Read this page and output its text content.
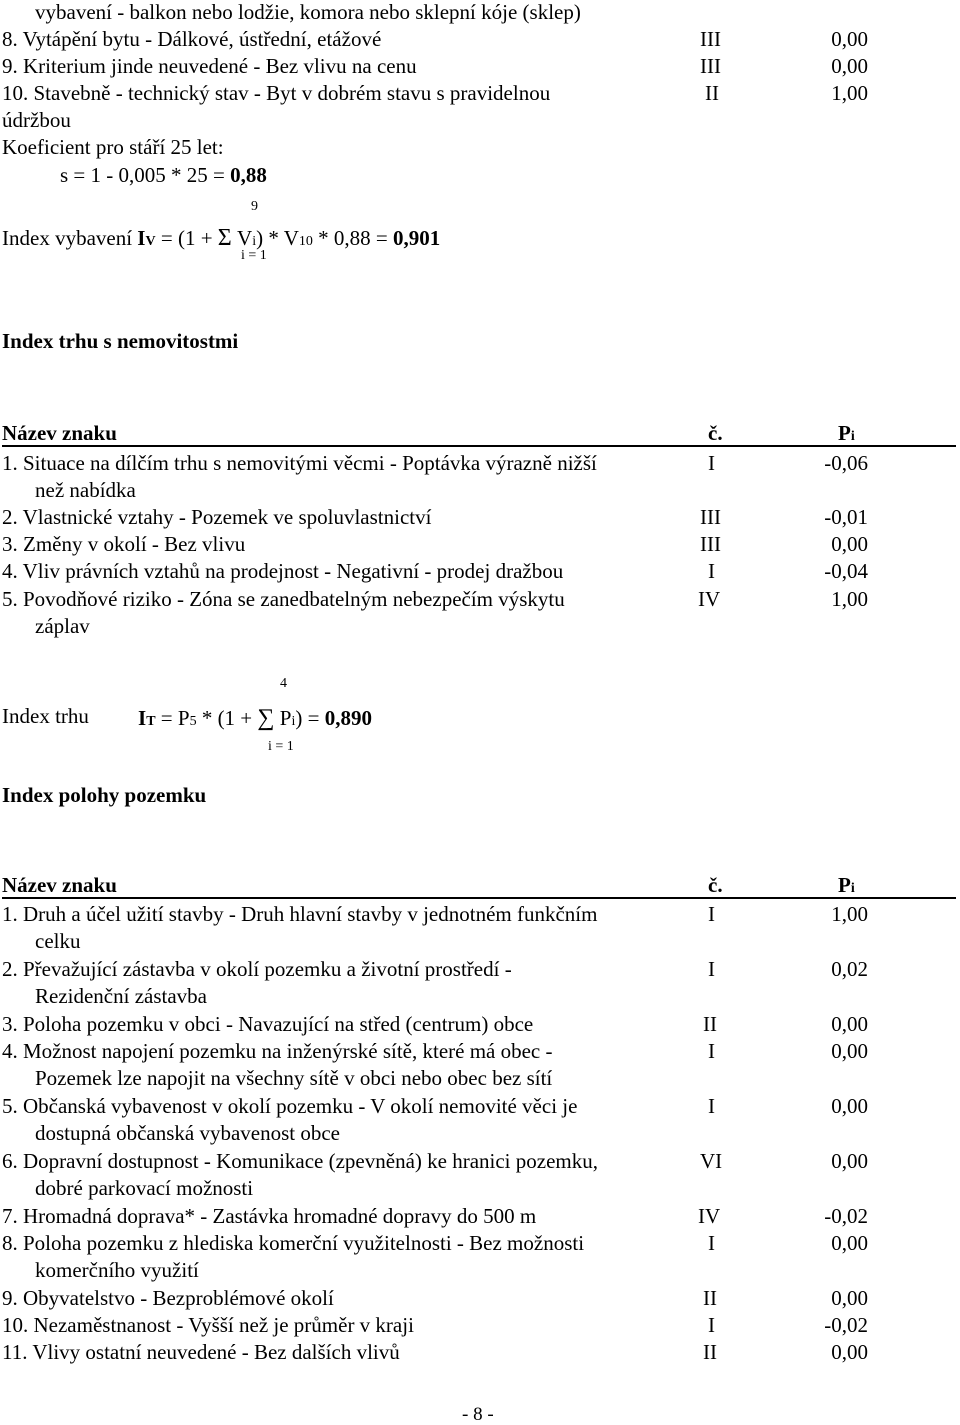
vybavení - balkon nebo lodžie, komora nebo sklepní kóje (sklep)
8. Vytápění bytu - Dálkové, ústřední, etážové	III	0,00
9. Kriterium jinde neuvedené - Bez vlivu na cenu	III	0,00
10. Stavebně - technický stav - Byt v dobrém stavu s pravidelnou	II	1,00
údržbou
Koeficient pro stáří 25 let:
s = 1 - 0,005 * 25 = 0,88
9
Index vybavení IV = (1 + Σ Vi) * V10 * 0,88 = 0,901
i = 1
Index trhu s nemovitostmi
Název znaku	č.	Pi
1. Situace na dílčím trhu s nemovitými věcmi - Poptávka výrazně nižší
než nabídka
I	-0,06
2. Vlastnické vztahy - Pozemek ve spoluvlastnictví	III	-0,01
3. Změny v okolí - Bez vlivu	III	0,00
4. Vliv právních vztahů na prodejnost - Negativní - prodej dražbou	I	-0,04
5. Povodňové riziko - Zóna se zanedbatelným nebezpečím výskytu
záplav
IV	1,00
4
Index trhu IT = P5 * (1 + ∑ Pi) = 0,890
i = 1
Index polohy pozemku
Název znaku	č.	Pi
1. Druh a účel užití stavby - Druh hlavní stavby v jednotném funkčním
celku
I	1,00
2. Převažující zástavba v okolí pozemku a životní prostředí -
Rezidenční zástavba
I	0,02
3. Poloha pozemku v obci - Navazující na střed (centrum) obce	II	0,00
4. Možnost napojení pozemku na inženýrské sítě, které má obec -
Pozemek lze napojit na všechny sítě v obci nebo obec bez sítí
I	0,00
5. Občanská vybavenost v okolí pozemku - V okolí nemovité věci je
dostupná občanská vybavenost obce
I	0,00
6. Dopravní dostupnost - Komunikace (zpevněná) ke hranici pozemku,
dobré parkovací možnosti
VI	0,00
7. Hromadná doprava* - Zastávka hromadné dopravy do 500 m	IV	-0,02
8. Poloha pozemku z hlediska komerční využitelnosti - Bez možnosti
komerčního využití
I	0,00
9. Obyvatelstvo - Bezproblémové okolí	II	0,00
10. Nezaměstnanost - Vyšší než je průměr v kraji	I	-0,02
11. Vlivy ostatní neuvedené - Bez dalších vlivů	II	0,00
- 8 -
